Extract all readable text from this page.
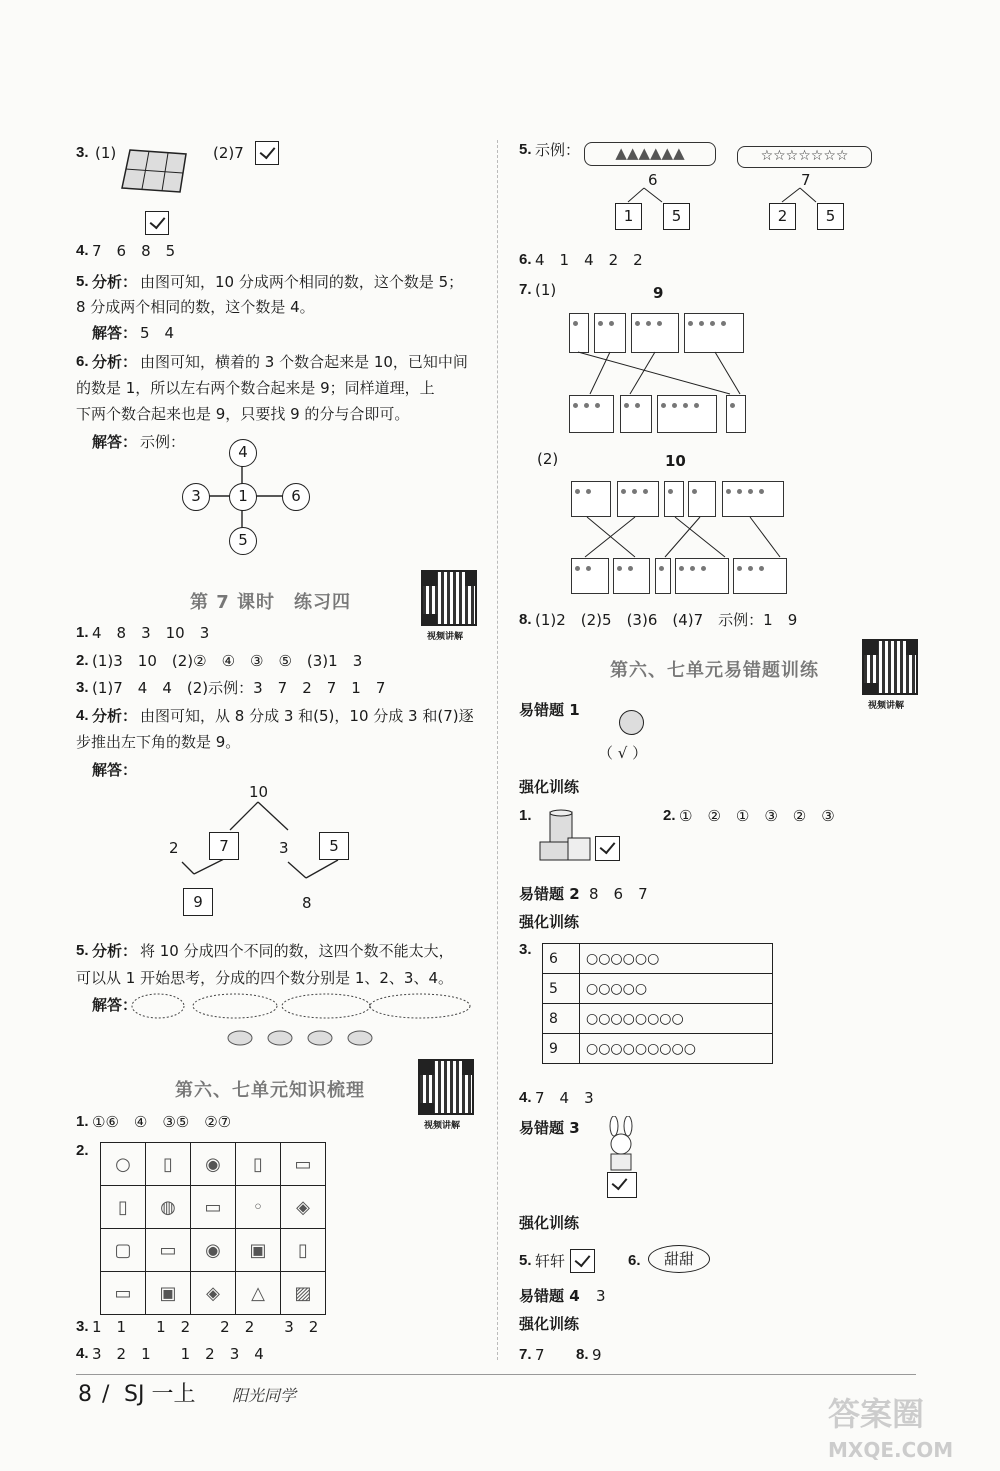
3. (1)	(2)7
4. 7　6　8　5
5. 分析： 由图可知，10 分成两个相同的数，这个数是 5；
8 分成两个相同的数，这个数是 4。
解答： 5　4
6. 分析： 由图可知，横着的 3 个数合起来是 10，已知中间
的数是 1，所以左右两个数合起来是 9；同样道理，上
下两个数合起来也是 9，只要找 9 的分与合即可。
解答： 示例：
4
3	1	6
5
第 7 课时　练习四
视频讲解
1. 4　8　3　10　3
2. (1)3　10　(2)②　④　③　⑤　(3)1　3
3. (1)7　4　4　(2)示例：3　7　2　7　1　7
4. 分析： 由图可知，从 8 分成 3 和(5)，10 分成 3 和(7)逐
步推出左下角的数是 9。
解答：
10
2	7	3	5
9	8
5. 分析： 将 10 分成四个不同的数，这四个数不能太大，
可以从 1 开始思考，分成的四个数分别是 1、2、3、4。
解答：
第六、七单元知识梳理
视频讲解
1. ①⑥　④　③⑤　②⑦
2.
○	▯	◉	▯	▭
▯	◍	▭	◦	◈
▢	▭	◉	▣	▯
▭	▣	◈	△	▨
3. 1　1　　1　2　　2　2　　3　2
4. 3　2　1　　1　2　3　4
5. 示例：	▲▲▲▲▲▲	☆☆☆☆☆☆☆
6
1	5
7
2	5
6. 4　1　4　2　2
7. (1)	9
(2)	10
8. (1)2　(2)5　(3)6　(4)7　示例：1　9
第六、七单元易错题训练
视频讲解
易错题 1
（ √ ）
强化训练
1.	2. ①　②　①　③　②　③
易错题 2 8　6　7
强化训练
3.
6	○○○○○○
5	○○○○○
8	○○○○○○○○
9	○○○○○○○○○
4. 7　4　3
易错题 3
强化训练
5. 轩轩	6.	甜甜
易错题 4 3
强化训练
7. 7 8. 9
8 / SJ 一上 阳光同学	答案圈
MXQE.COM
